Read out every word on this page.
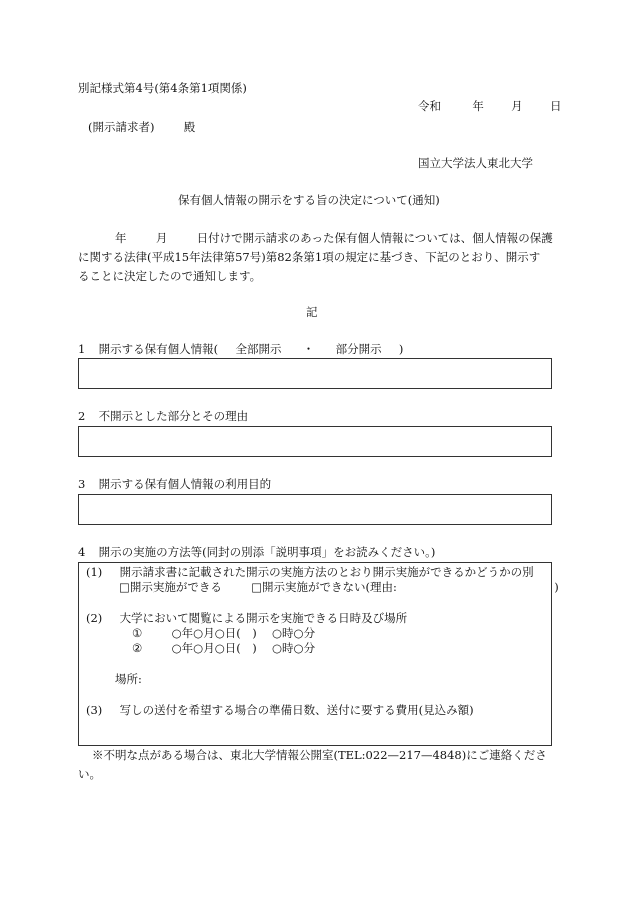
別記様式第4号(第4条第1項関係)
令和	年 月 日
(開示請求者)	殿
国立大学法人東北大学
保有個人情報の開示をする旨の決定について(通知)
年	月	日付けで開示請求のあった保有個人情報については、個人情報の保護
に関する法律(平成15年法律第57号)第82条第1項の規定に基づき、下記のとおり、開示す
ることに決定したので通知します。
記
1 開示する保有個人情報( 全部開示 ・ 部分開示 )
2 不開示とした部分とその理由
3 開示する保有個人情報の利用目的
4 開示の実施の方法等(同封の別添「説明事項」をお読みください。)
(1) 開示請求書に記載された開示の実施方法のとおり開示実施ができるかどうかの別
□開示実施ができる	□開示実施ができない(理由:	)
(2) 大学において閲覧による開示を実施できる日時及び場所
①	○年○月○日(　) ○時○分
②	○年○月○日(　) ○時○分
場所:
(3) 写しの送付を希望する場合の準備日数、送付に要する費用(見込み額)
※不明な点がある場合は、東北大学情報公開室(TEL:022—217—4848)にご連絡くださ
い。
